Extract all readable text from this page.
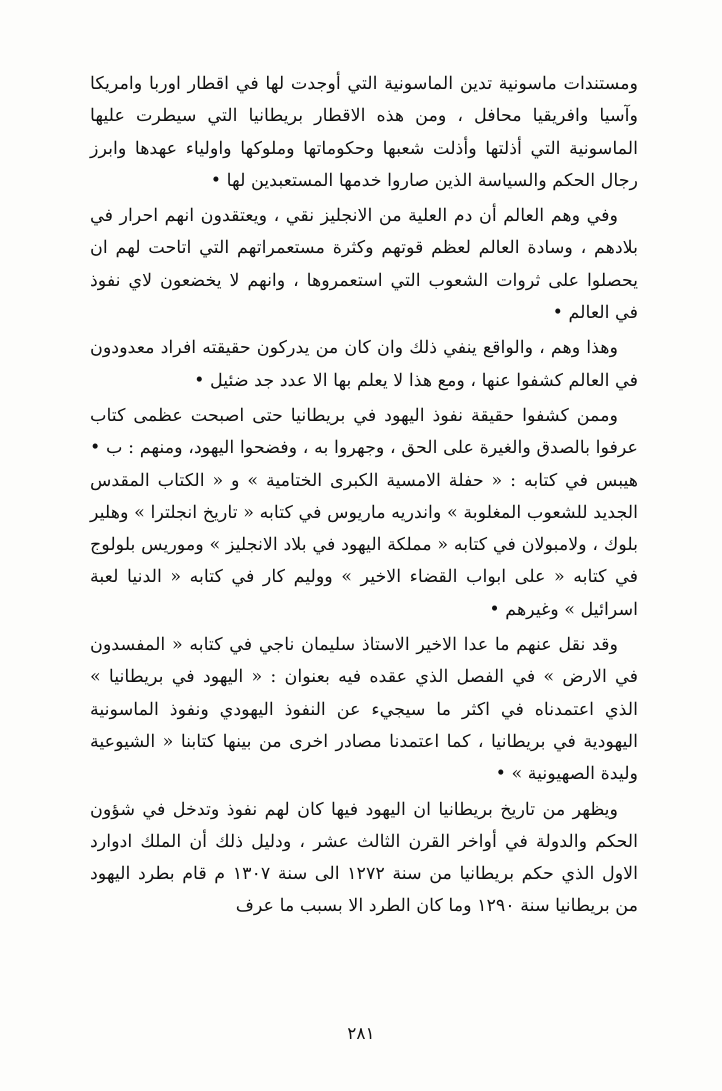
ومستندات ماسونية تدين الماسونية التي أوجدت لها في اقطار اوربا وامريكا وآسيا وافريقيا محافل ، ومن هذه الاقطار بريطانيا التي سيطرت عليها الماسونية التي أذلتها وأذلت شعبها وحكوماتها وملوكها واولياء عهدها وابرز رجال الحكم والسياسة الذين صاروا خدمها المستعبدين لها •

وفي وهم العالم أن دم العلية من الانجليز نقي ، ويعتقدون انهم احرار في بلادهم ، وسادة العالم لعظم قوتهم وكثرة مستعمراتهم التي اتاحت لهم ان يحصلوا على ثروات الشعوب التي استعمروها ، وانهم لا يخضعون لاي نفوذ في العالم •

وهذا وهم ، والواقع ينفي ذلك وان كان من يدركون حقيقته افراد معدودون في العالم كشفوا عنها ، ومع هذا لا يعلم بها الا عدد جد ضئيل •

وممن كشفوا حقيقة نفوذ اليهود في بريطانيا حتى اصبحت عظمى كتاب عرفوا بالصدق والغيرة على الحق ، وجهروا به ، وفضحوا اليهود، ومنهم : ب • هيبس في كتابه : « حفلة الامسية الكبرى الختامية » و « الكتاب المقدس الجديد للشعوب المغلوبة » واندريه ماريوس في كتابه « تاريخ انجلترا » وهلير بلوك ، ولامبولان في كتابه « مملكة اليهود في بلاد الانجليز » وموريس بلولوج في كتابه « على ابواب القضاء الاخير » ووليم كار في كتابه « الدنيا لعبة اسرائيل » وغيرهم •

وقد نقل عنهم ما عدا الاخير الاستاذ سليمان ناجي في كتابه « المفسدون في الارض » في الفصل الذي عقده فيه بعنوان : « اليهود في بريطانيا » الذي اعتمدناه في اكثر ما سيجيء عن النفوذ اليهودي ونفوذ الماسونية اليهودية في بريطانيا ، كما اعتمدنا مصادر اخرى من بينها كتابنا « الشيوعية وليدة الصهيونية » •

ويظهر من تاريخ بريطانيا ان اليهود فيها كان لهم نفوذ وتدخل في شؤون الحكم والدولة في أواخر القرن الثالث عشر ، ودليل ذلك أن الملك ادوارد الاول الذي حكم بريطانيا من سنة ١٢٧٢ الى سنة ١٣٠٧ م قام بطرد اليهود من بريطانيا سنة ١٢٩٠ وما كان الطرد الا بسبب ما عرف

٢٨١
